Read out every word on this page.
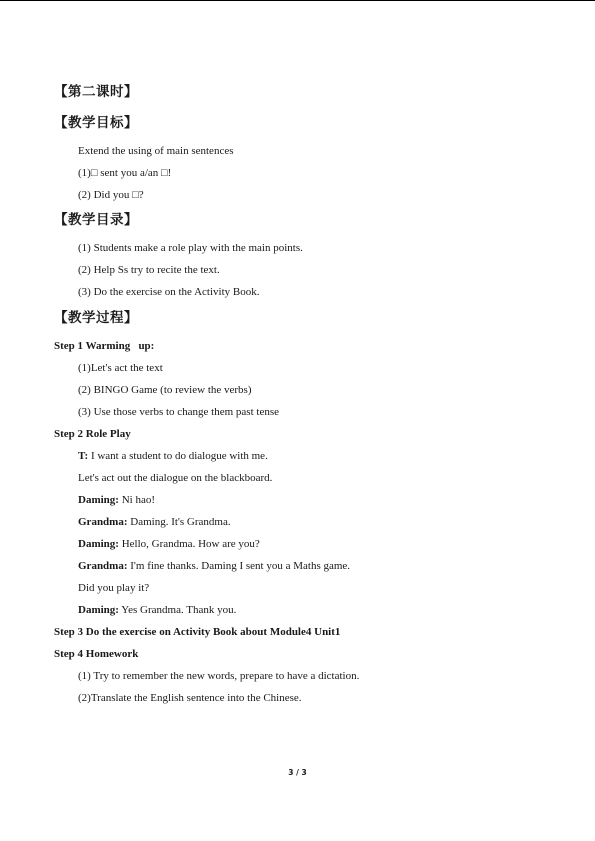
【第二课时】
【教学目标】
Extend the using of main sentences
(1)□ sent you a/an □!
(2) Did you □?
【教学目录】
(1) Students make a role play with the main points.
(2) Help Ss try to recite the text.
(3) Do the exercise on the Activity Book.
【教学过程】
Step 1 Warming  up:
(1)Let's act the text
(2) BINGO Game (to review the verbs)
(3) Use those verbs to change them past tense
Step 2 Role Play
T: I want a student to do dialogue with me.
Let's act out the dialogue on the blackboard.
Daming: Ni hao!
Grandma: Daming. It's Grandma.
Daming: Hello, Grandma. How are you?
Grandma: I'm fine thanks. Daming I sent you a Maths game.
Did you play it?
Daming: Yes Grandma. Thank you.
Step 3 Do the exercise on Activity Book about Module4 Unit1
Step 4 Homework
(1) Try to remember the new words, prepare to have a dictation.
(2)Translate the English sentence into the Chinese.
3 / 3
